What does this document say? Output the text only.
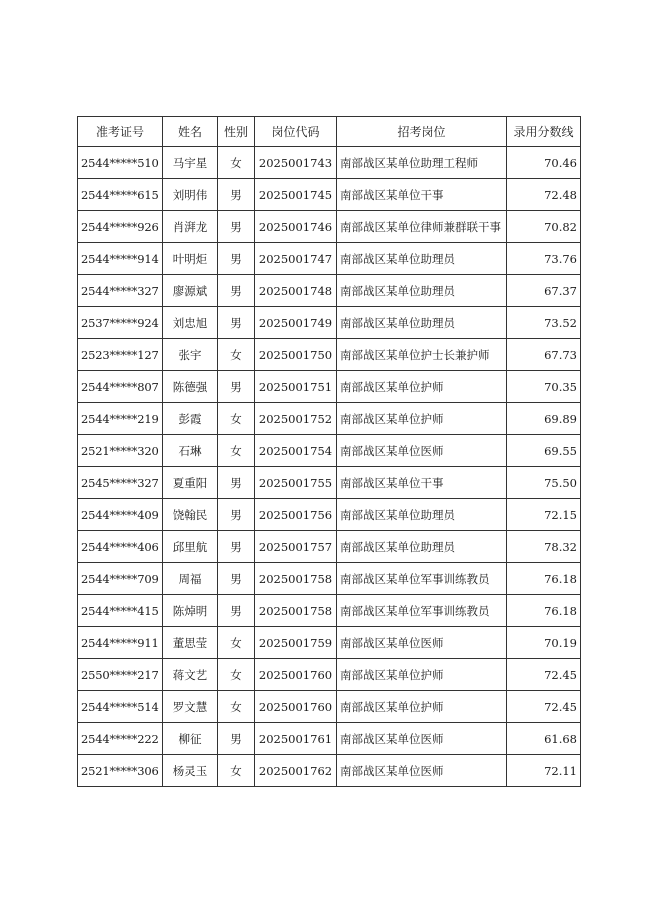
准考证号	姓名	性别	岗位代码	招考岗位	录用分数线
2544*****510	马宇星	女	2025001743	南部战区某单位助理工程师	70.46
2544*****615	刘明伟	男	2025001745	南部战区某单位干事	72.48
2544*****926	肖湃龙	男	2025001746	南部战区某单位律师兼群联干事	70.82
2544*****914	叶明炬	男	2025001747	南部战区某单位助理员	73.76
2544*****327	廖源斌	男	2025001748	南部战区某单位助理员	67.37
2537*****924	刘忠旭	男	2025001749	南部战区某单位助理员	73.52
2523*****127	张宇	女	2025001750	南部战区某单位护士长兼护师	67.73
2544*****807	陈德强	男	2025001751	南部战区某单位护师	70.35
2544*****219	彭霞	女	2025001752	南部战区某单位护师	69.89
2521*****320	石琳	女	2025001754	南部战区某单位医师	69.55
2545*****327	夏重阳	男	2025001755	南部战区某单位干事	75.50
2544*****409	饶翰民	男	2025001756	南部战区某单位助理员	72.15
2544*****406	邱里航	男	2025001757	南部战区某单位助理员	78.32
2544*****709	周福	男	2025001758	南部战区某单位军事训练教员	76.18
2544*****415	陈焯明	男	2025001758	南部战区某单位军事训练教员	76.18
2544*****911	董思莹	女	2025001759	南部战区某单位医师	70.19
2550*****217	蒋文艺	女	2025001760	南部战区某单位护师	72.45
2544*****514	罗文慧	女	2025001760	南部战区某单位护师	72.45
2544*****222	柳征	男	2025001761	南部战区某单位医师	61.68
2521*****306	杨灵玉	女	2025001762	南部战区某单位医师	72.11
